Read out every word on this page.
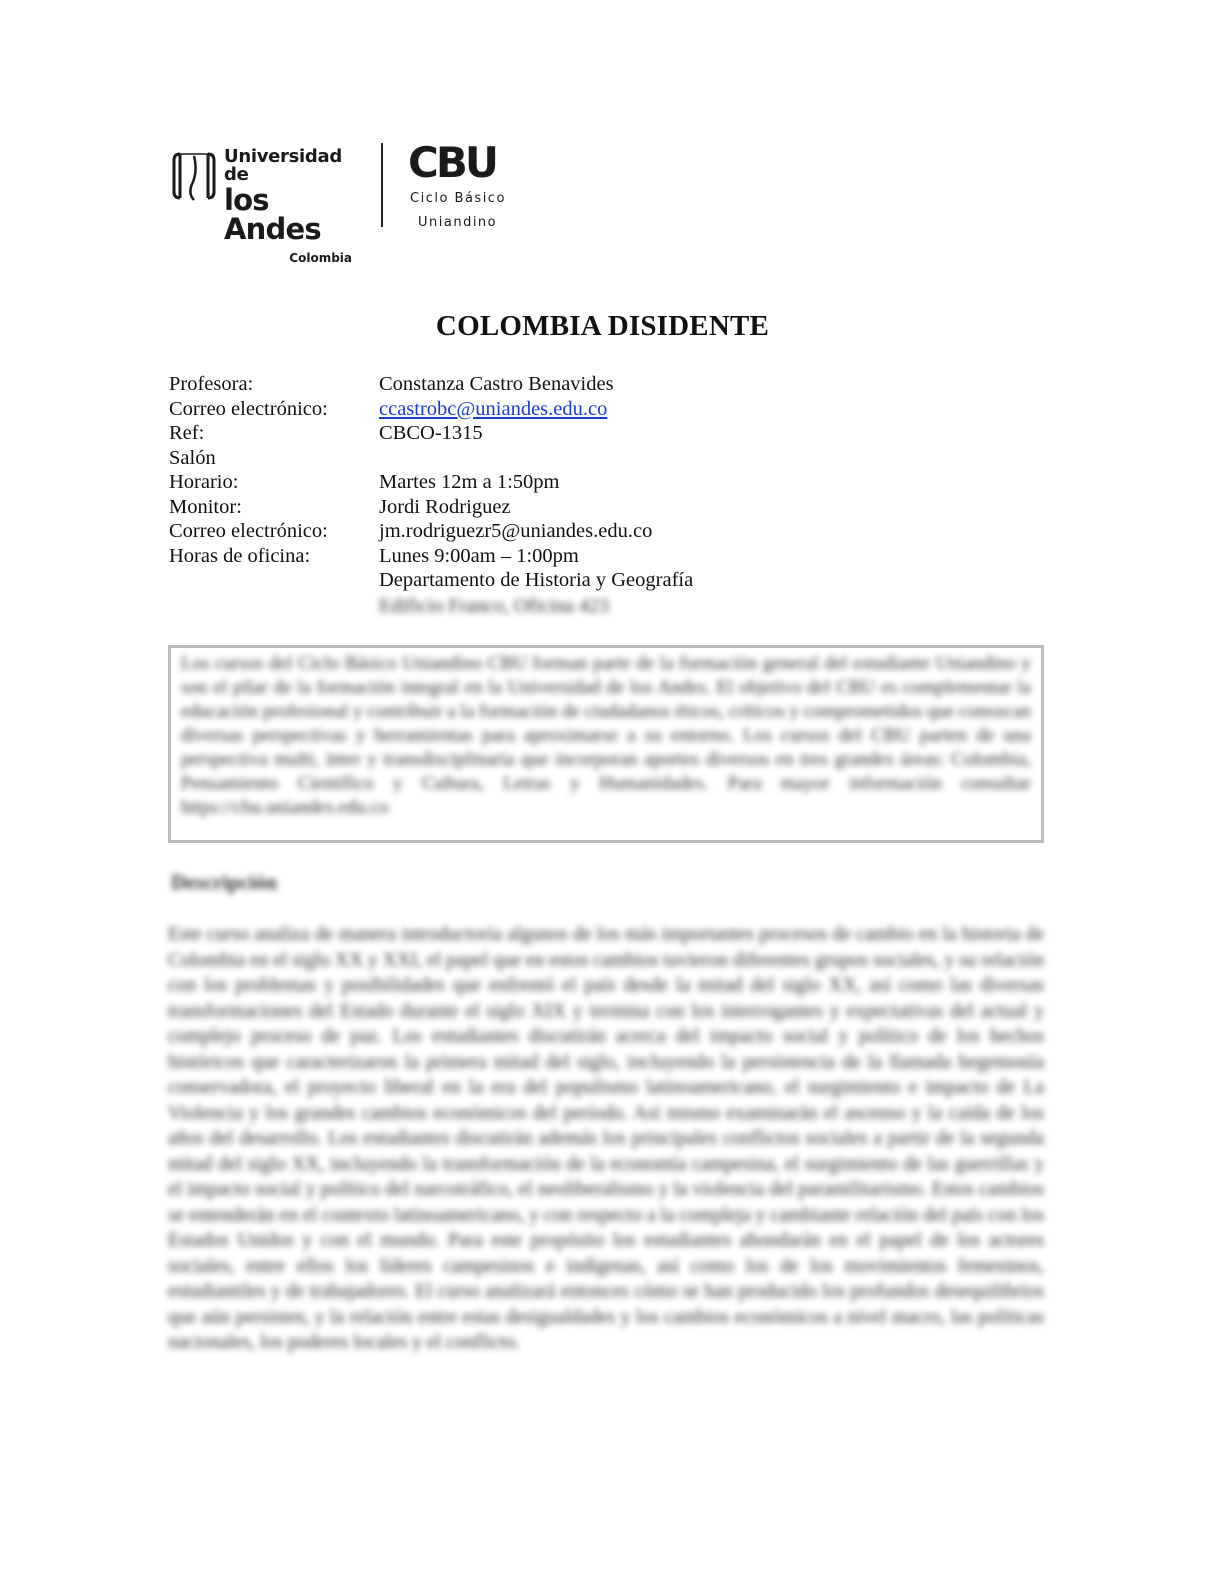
Universidad de
los Andes
Colombia
CBU
Ciclo Básico
Uniandino
COLOMBIA DISIDENTE
Profesora:	Constanza Castro Benavides
Correo electrónico:	ccastrobc@uniandes.edu.co
Ref:	CBCO-1315
Salón
Horario:	Martes 12m a 1:50pm
Monitor:	Jordi Rodriguez
Correo electrónico:	jm.rodriguezr5@uniandes.edu.co
Horas de oficina:	Lunes 9:00am – 1:00pm
Departamento de Historia y Geografía
Edificio Franco, Oficina 423

Los cursos del Ciclo Básico Uniandino CBU forman parte de la formación general del estudiante Uniandino y son el pilar de la formación integral en la Universidad de los Andes. El objetivo del CBU es complementar la educación profesional y contribuir a la formación de ciudadanos éticos, críticos y comprometidos que conozcan diversas perspectivas y herramientas para aproximarse a su entorno. Los cursos del CBU parten de una perspectiva multi, inter y transdisciplinaria que incorporan aportes diversos en tres grandes áreas: Colombia, Pensamiento Científico y Cultura, Letras y Humanidades. Para mayor información consultar https://cbu.uniandes.edu.co

Descripción

Este curso analiza de manera introductoria algunos de los más importantes procesos de cambio en la historia de Colombia en el siglo XX y XXI, el papel que en estos cambios tuvieron diferentes grupos sociales, y su relación con los problemas y posibilidades que enfrentó el país desde la mitad del siglo XX, así como las diversas transformaciones del Estado durante el siglo XIX y termina con los interrogantes y expectativas del actual y complejo proceso de paz. Los estudiantes discutirán acerca del impacto social y político de los hechos históricos que caracterizaron la primera mitad del siglo, incluyendo la persistencia de la llamada hegemonía conservadora, el proyecto liberal en la era del populismo latinoamericano, el surgimiento e impacto de La Violencia y los grandes cambios económicos del período. Así mismo examinarán el ascenso y la caída de los años del desarrollo. Los estudiantes discutirán además los principales conflictos sociales a partir de la segunda mitad del siglo XX, incluyendo la transformación de la economía campesina, el surgimiento de las guerrillas y el impacto social y político del narcotráfico, el neoliberalismo y la violencia del paramilitarismo. Estos cambios se entenderán en el contexto latinoamericano, y con respecto a la compleja y cambiante relación del país con los Estados Unidos y con el mundo. Para este propósito los estudiantes ahondarán en el papel de los actores sociales, entre ellos los líderes campesinos e indígenas, así como los de los movimientos femeninos, estudiantiles y de trabajadores. El curso analizará entonces cómo se han producido los profundos desequilibrios que aún persisten, y la relación entre estas desigualdades y los cambios económicos a nivel macro, las políticas nacionales, los poderes locales y el conflicto.
